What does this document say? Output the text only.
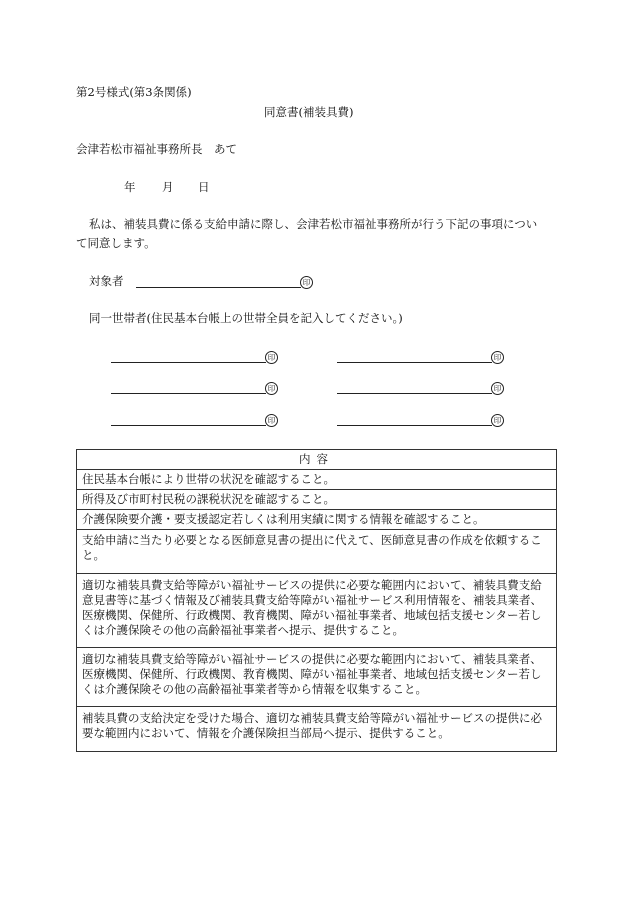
第2号様式(第3条関係)
同意書(補装具費)
会津若松市福祉事務所長　あて
年 月 日
私は、補装具費に係る支給申請に際し、会津若松市福祉事務所が行う下記の事項につい
て同意します。
対象者	印
同一世帯者(住民基本台帳上の世帯全員を記入してください。)
印	印
印	印
印	印
内容
住民基本台帳により世帯の状況を確認すること。
所得及び市町村民税の課税状況を確認すること。
介護保険要介護・要支援認定若しくは利用実績に関する情報を確認すること。
支給申請に当たり必要となる医師意見書の提出に代えて、医師意見書の作成を依頼すること。
適切な補装具費支給等障がい福祉サービスの提供に必要な範囲内において、補装具費支給意見書等に基づく情報及び補装具費支給等障がい福祉サービス利用情報を、補装具業者、医療機関、保健所、行政機関、教育機関、障がい福祉事業者、地域包括支援センター若しくは介護保険その他の高齢福祉事業者へ提示、提供すること。
適切な補装具費支給等障がい福祉サービスの提供に必要な範囲内において、補装具業者、医療機関、保健所、行政機関、教育機関、障がい福祉事業者、地域包括支援センター若しくは介護保険その他の高齢福祉事業者等から情報を収集すること。
補装具費の支給決定を受けた場合、適切な補装具費支給等障がい福祉サービスの提供に必要な範囲内において、情報を介護保険担当部局へ提示、提供すること。
